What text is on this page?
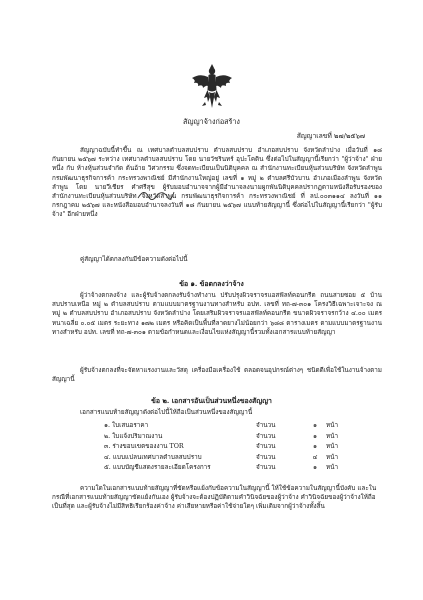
สัญญาจ้างก่อสร้าง
สัญญาเลขที่ ๒๗/๒๕๖๗

สัญญาฉบับนี้ทำขึ้น ณ เทศบาลตำบลสบปราบ ตำบลสบปราบ อำเภอสบปราบ จังหวัดลำปาง เมื่อวันที่ ๑๘ กันยายน ๒๕๖๗ ระหว่าง เทศบาลตำบลสบปราบ โดย นายวัชรินทร์ อุปะโคติน ซึ่งต่อไปในสัญญานี้เรียกว่า "ผู้ว่าจ้าง" ฝ่ายหนึ่ง กับ ห้างหุ้นส่วนจำกัด ต้นอ้าย วิศวกรรม ซึ่งจดทะเบียนเป็นนิติบุคคล ณ สำนักงานทะเบียนหุ้นส่วนบริษัท จังหวัดลำพูน กรมพัฒนาธุรกิจการค้า กระทรวงพาณิชย์ มีสำนักงานใหญ่อยู่ เลขที่ ๑ หมู่ ๒ ตำบลศรีบัวบาน อำเภอเมืองลำพูน จังหวัดลำพูน โดย นายวีเชียร คำศรีสุข ผู้รับมอบอำนาจจากผู้มีอำนาจลงนามผูกพันนิติบุคคลปรากฏตามหนังสือรับรองของ สำนักงานทะเบียนหุ้นส่วนบริษัท จังหวัดลำพูน กรมพัฒนาธุรกิจการค้า กระทรวงพาณิชย์ ที่ ลป.๐๐๓๑๑๔ ลงวันที่ ๑๑ กรกฎาคม ๒๕๖๗ และหนังสือมอบอำนาจลงวันที่ ๑๘ กันยายน ๒๕๖๗ แนบท้ายสัญญานี้ ซึ่งต่อไปในสัญญานี้เรียกว่า "ผู้รับจ้าง" อีกฝ่ายหนึ่ง

คู่สัญญาได้ตกลงกันมีข้อความดังต่อไปนี้

ข้อ ๑. ข้อตกลงว่าจ้าง

ผู้ว่าจ้างตกลงจ้าง และผู้รับจ้างตกลงรับจ้างทำงาน ปรับปรุงผิวจราจรแอสฟัลท์คอนกรีต ถนนสายซอย ๕ บ้านสบปราบเหนือ หมู่ ๒ ตำบลสบปราบ ตามแบบมาตรฐานงานทางสำหรับ อปท. เลขที่ ทถ-๗-๓๐๑ โครงวิธีเฉพาะเจาะจง ณ หมู่ ๒ ตำบลสบปราบ อำเภอสบปราบ จังหวัดลำปาง โดยเสริมผิวจราจรแอสฟัลท์คอนกรีต ขนาดผิวจราจรกว้าง ๔.๐๐ เมตร หนาเฉลี่ย ๐.๐๕ เมตร ระยะทาง ๑๗๒ เมตร หรือคิดเป็นพื้นที่ลาดยางไม่น้อยกว่า ๖๘๘ ตารางเมตร ตามแบบมาตรฐานงานทางสำหรับ อปท. เลขที่ ทถ-๗-๓๐๑ ตามข้อกำหนดและเงื่อนไขแห่งสัญญานี้รวมทั้งเอกสารแนบท้ายสัญญา

ผู้รับจ้างตกลงที่จะจัดหาแรงงานและวัสดุ เครื่องมือเครื่องใช้ ตลอดจนอุปกรณ์ต่างๆ ชนิดดีเพื่อใช้ในงานจ้างตามสัญญานี้

ข้อ ๒. เอกสารอันเป็นส่วนหนึ่งของสัญญา

เอกสารแนบท้ายสัญญาดังต่อไปนี้ให้ถือเป็นส่วนหนึ่งของสัญญานี้

๑. ใบเสนอราคา	จำนวน	๑	หน้า
๒. ใบแจ้งปริมาณงาน	จำนวน	๑	หน้า
๓. ร่างขอบเขตของงาน TOR	จำนวน	๑	หน้า
๔. แบบแปลนเทศบาลตำบลสบปราบ	จำนวน	๔	หน้า
๕. แบบบัญชีแสดงรายละเอียดโครงการ	จำนวน	๑	หน้า

ความใดในเอกสารแนบท้ายสัญญาที่ขัดหรือแย้งกับข้อความในสัญญานี้ ให้ใช้ข้อความในสัญญานี้บังคับ และในกรณีที่เอกสารแนบท้ายสัญญาขัดแย้งกันเอง ผู้รับจ้างจะต้องปฏิบัติตามคำวินิจฉัยของผู้ว่าจ้าง คำวินิจฉัยของผู้ว่าจ้างให้ถือเป็นที่สุด และผู้รับจ้างไม่มีสิทธิเรียกร้องค่าจ้าง ค่าเสียหายหรือค่าใช้จ่ายใดๆ เพิ่มเติมจากผู้ว่าจ้างทั้งสิ้น
